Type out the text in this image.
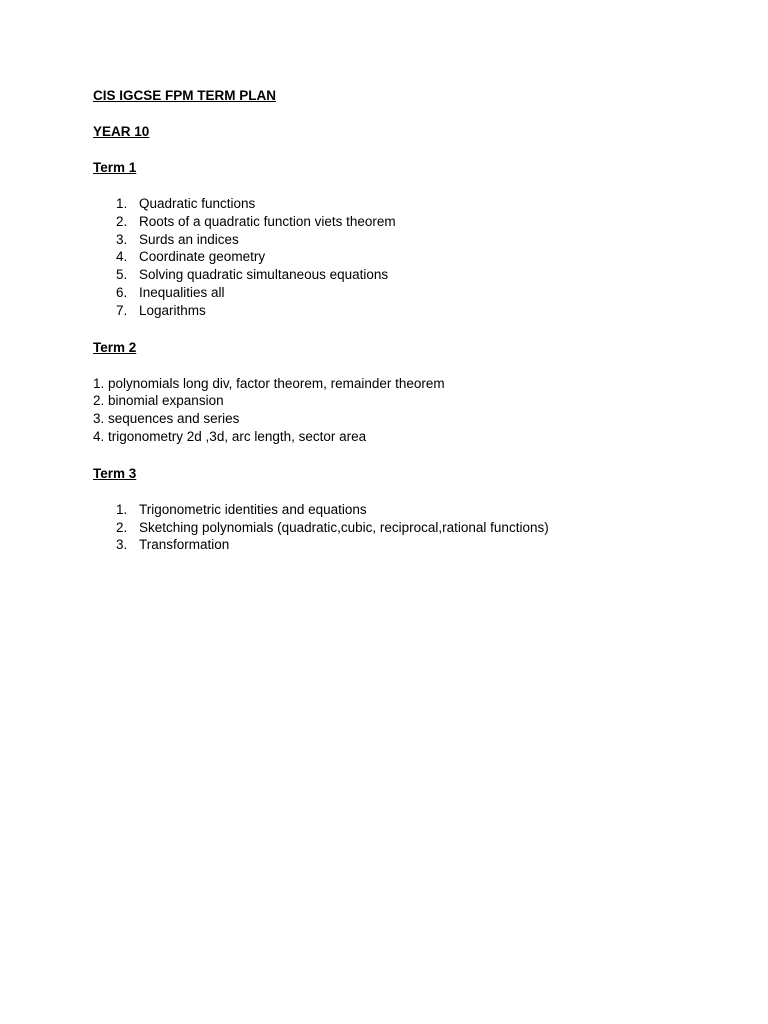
CIS IGCSE FPM TERM PLAN

YEAR 10

Term 1

1. Quadratic functions
2. Roots of a quadratic function viets theorem
3. Surds an indices
4. Coordinate geometry
5. Solving quadratic simultaneous equations
6. Inequalities all
7. Logarithms

Term 2

1. polynomials long div, factor theorem, remainder theorem
2. binomial expansion
3. sequences and series
4. trigonometry 2d ,3d, arc length, sector area

Term 3

1. Trigonometric identities and equations
2. Sketching polynomials (quadratic,cubic, reciprocal,rational functions)
3. Transformation
